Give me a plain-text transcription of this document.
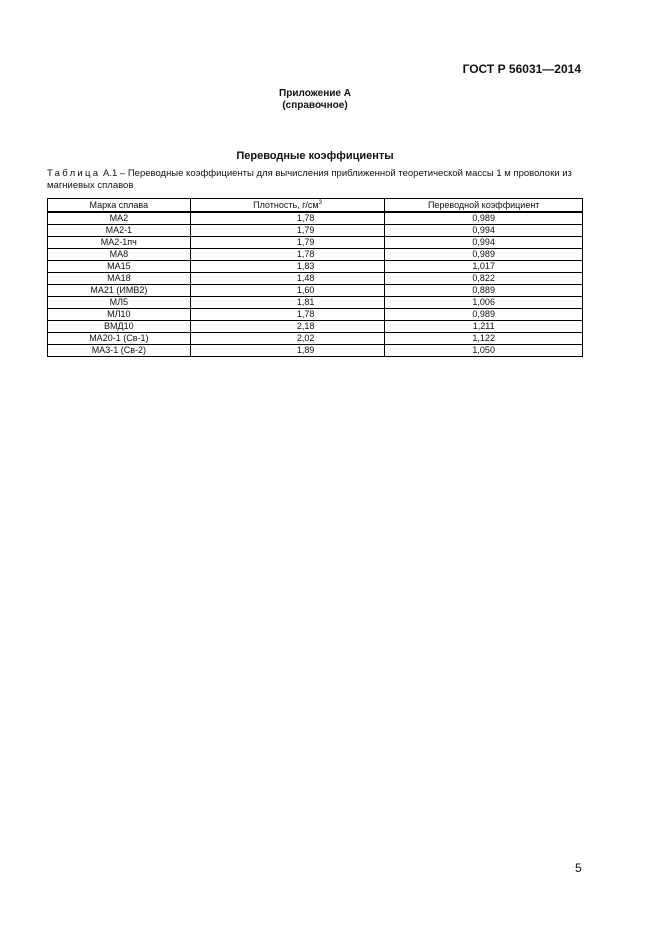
ГОСТ Р 56031—2014
Приложение А
(справочное)
Переводные коэффициенты
Таблица А.1 – Переводные коэффициенты для вычисления приближенной теоретической массы 1 м проволоки из магниевых сплавов
Марка сплава	Плотность, $г/см^3$	Переводной коэффициент
МА2	1,78	0,989
МА2-1	1,79	0,994
МА2-1пч	1,79	0,994
МА8	1,78	0,989
МА15	1,83	1,017
МА18	1,48	0,822
МА21 (ИМВ2)	1,60	0,889
МЛ5	1,81	1,006
МЛ10	1,78	0,989
ВМД10	2,18	1,211
МА20-1 (Св-1)	2,02	1,122
МА3-1 (Св-2)	1,89	1,050
5
